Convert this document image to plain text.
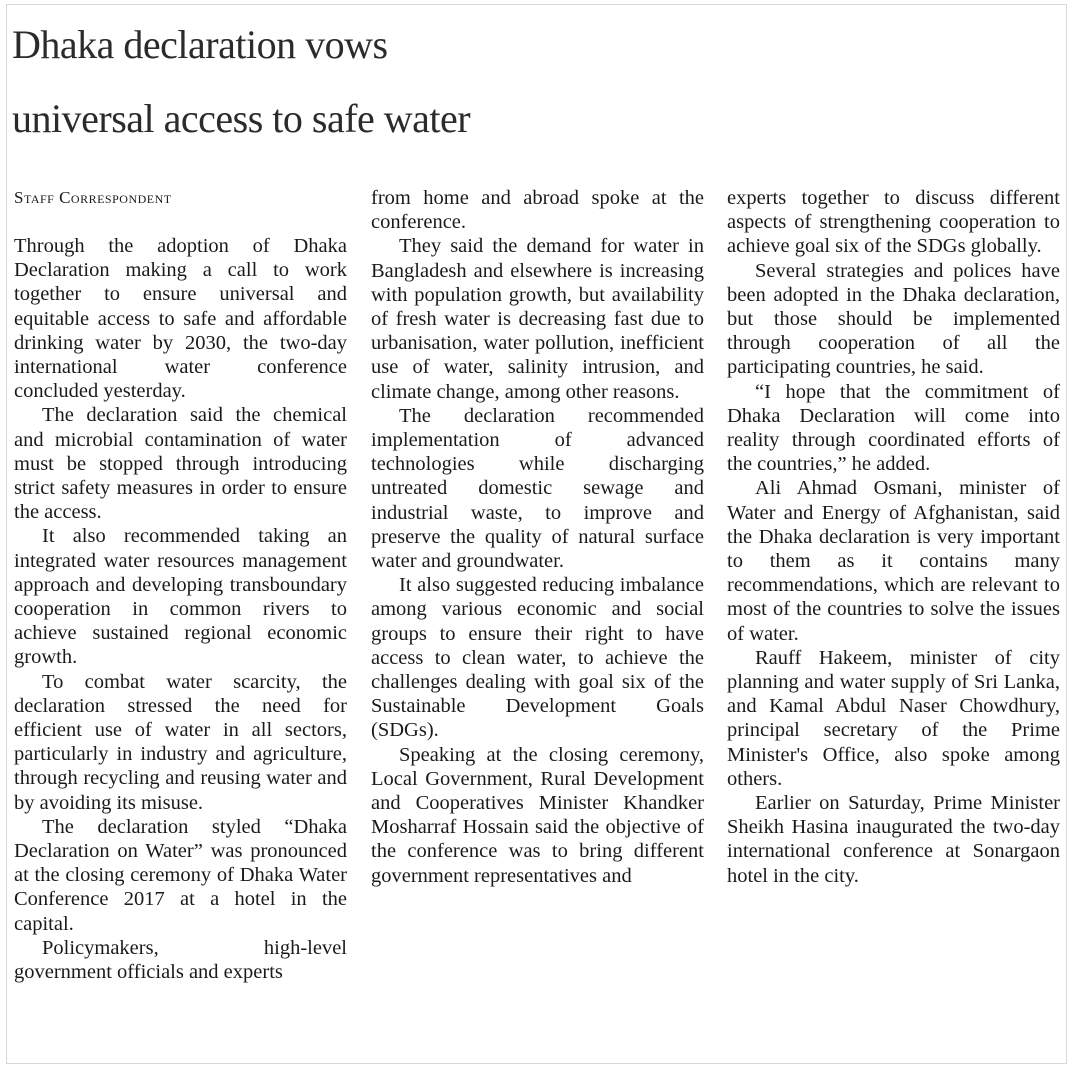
Dhaka declaration vows
universal access to safe water
Staff Correspondent

Through the adoption of Dhaka Declaration making a call to work together to ensure universal and equitable access to safe and affordable drinking water by 2030, the two-day international water conference concluded yesterday.

The declaration said the chemical and microbial contamination of water must be stopped through introducing strict safety measures in order to ensure the access.

It also recommended taking an integrated water resources management approach and developing transboundary cooperation in common rivers to achieve sustained regional economic growth.

To combat water scarcity, the declaration stressed the need for efficient use of water in all sectors, particularly in industry and agriculture, through recycling and reusing water and by avoiding its misuse.

The declaration styled “Dhaka Declaration on Water” was pronounced at the closing ceremony of Dhaka Water Conference 2017 at a hotel in the capital.

Policymakers, high-level government officials and experts

from home and abroad spoke at the conference.

They said the demand for water in Bangladesh and elsewhere is increasing with population growth, but availability of fresh water is decreasing fast due to urbanisation, water pollution, inefficient use of water, salinity intrusion, and climate change, among other reasons.

The declaration recommended implementation of advanced technologies while discharging untreated domestic sewage and industrial waste, to improve and preserve the quality of natural surface water and groundwater.

It also suggested reducing imbalance among various economic and social groups to ensure their right to have access to clean water, to achieve the challenges dealing with goal six of the Sustainable Development Goals (SDGs).

Speaking at the closing ceremony, Local Government, Rural Development and Cooperatives Minister Khandker Mosharraf Hossain said the objective of the conference was to bring different government representatives and

experts together to discuss different aspects of strengthening cooperation to achieve goal six of the SDGs globally.

Several strategies and polices have been adopted in the Dhaka declaration, but those should be implemented through cooperation of all the participating countries, he said.

“I hope that the commitment of Dhaka Declaration will come into reality through coordinated efforts of the countries,” he added.

Ali Ahmad Osmani, minister of Water and Energy of Afghanistan, said the Dhaka declaration is very important to them as it contains many recommendations, which are relevant to most of the countries to solve the issues of water.

Rauff Hakeem, minister of city planning and water supply of Sri Lanka, and Kamal Abdul Naser Chowdhury, principal secretary of the Prime Minister's Office, also spoke among others.

Earlier on Saturday, Prime Minister Sheikh Hasina inaugurated the two-day international conference at Sonargaon hotel in the city.
